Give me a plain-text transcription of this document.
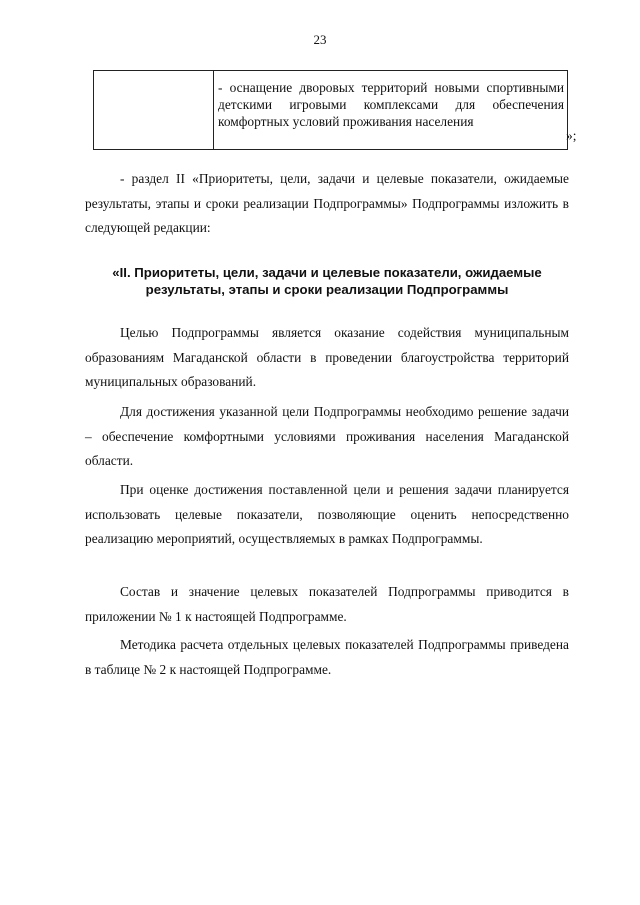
23
- оснащение дворовых территорий новыми спортивными детскими игровыми комплексами для обеспечения комфортных условий проживания населения
»;
- раздел II «Приоритеты, цели, задачи и целевые показатели, ожидаемые результаты, этапы и сроки реализации Подпрограммы» Подпрограммы изложить в следующей редакции:
«II. Приоритеты, цели, задачи и целевые показатели, ожидаемые результаты, этапы и сроки реализации Подпрограммы
Целью Подпрограммы является оказание содействия муниципальным образованиям Магаданской области в проведении благоустройства территорий муниципальных образований.
Для достижения указанной цели Подпрограммы необходимо решение задачи – обеспечение комфортными условиями проживания населения Магаданской области.
При оценке достижения поставленной цели и решения задачи планируется использовать целевые показатели, позволяющие оценить непосредственно реализацию мероприятий, осуществляемых в рамках Подпрограммы.
Состав и значение целевых показателей Подпрограммы приводится в приложении № 1 к настоящей Подпрограмме.
Методика расчета отдельных целевых показателей Подпрограммы приведена в таблице № 2 к настоящей Подпрограмме.
